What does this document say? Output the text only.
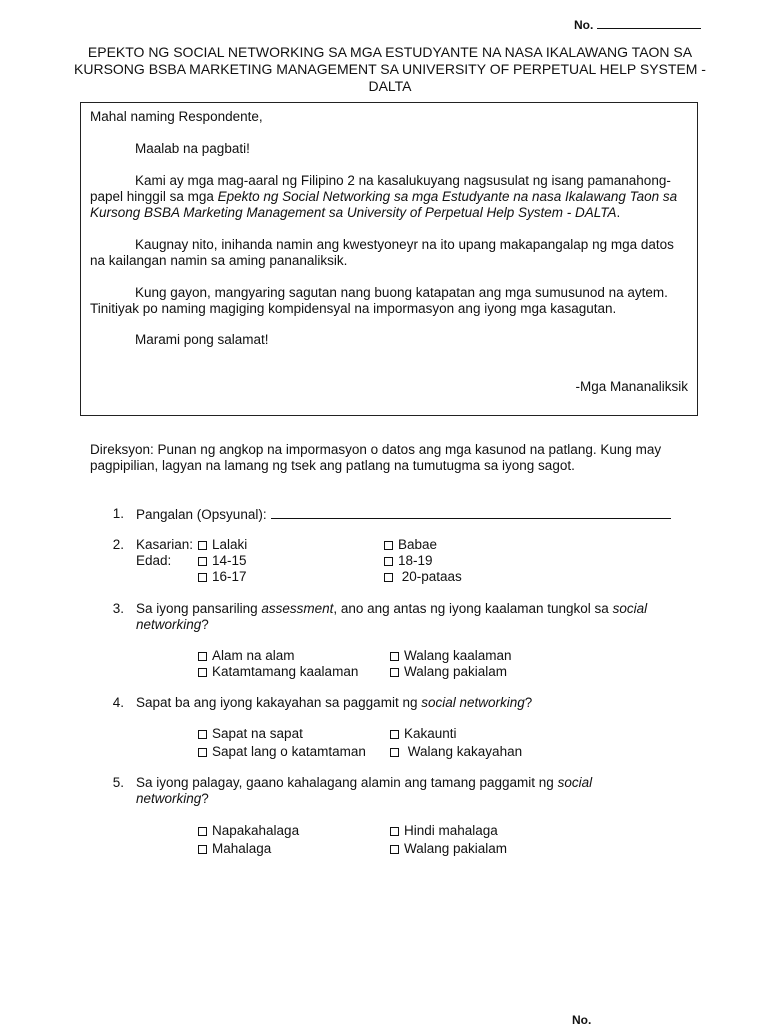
No.
EPEKTO NG SOCIAL NETWORKING SA MGA ESTUDYANTE NA NASA IKALAWANG TAON SA KURSONG BSBA MARKETING MANAGEMENT SA UNIVERSITY OF PERPETUAL HELP SYSTEM - DALTA
Mahal naming Respondente,
Maalab na pagbati!
Kami ay mga mag-aaral ng Filipino 2 na kasalukuyang nagsusulat ng isang pamanahong-papel hinggil sa mga Epekto ng Social Networking sa mga Estudyante na nasa Ikalawang Taon sa Kursong BSBA Marketing Management sa University of Perpetual Help System - DALTA.
Kaugnay nito, inihanda namin ang kwestyoneyr na ito upang makapangalap ng mga datos na kailangan namin sa aming pananaliksik.
Kung gayon, mangyaring sagutan nang buong katapatan ang mga sumusunod na aytem. Tinitiyak po naming magiging kompidensyal na impormasyon ang iyong mga kasagutan.
Marami pong salamat!
-Mga Mananaliksik
Direksyon: Punan ng angkop na impormasyon o datos ang mga kasunod na patlang. Kung may pagpipilian, lagyan na lamang ng tsek ang patlang na tumutugma sa iyong sagot.
1. Pangalan (Opsyunal):
2. Kasarian:
Edad:
Lalaki	Babae
14-15	18-19
16-17	20-pataas
3. Sa iyong pansariling assessment, ano ang antas ng iyong kaalaman tungkol sa social networking?
Alam na alam	Walang kaalaman
Katamtamang kaalaman	Walang pakialam
4. Sapat ba ang iyong kakayahan sa paggamit ng social networking?
Sapat na sapat	Kakaunti
Sapat lang o katamtaman	Walang kakayahan
5. Sa iyong palagay, gaano kahalagang alamin ang tamang paggamit ng social networking?
Napakahalaga	Hindi mahalaga
Mahalaga	Walang pakialam
No.
